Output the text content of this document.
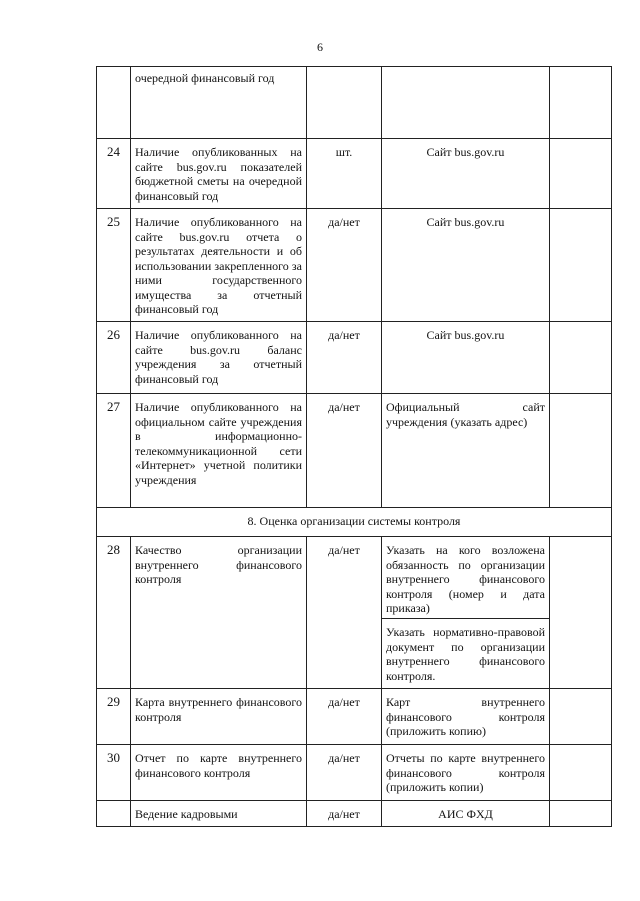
6
	очередной финансовый год			
24	Наличие опубликованных на сайте bus.gov.ru показателей бюджетной сметы на очередной финансовый год	шт.	Сайт bus.gov.ru	
25	Наличие опубликованного на сайте bus.gov.ru отчета о результатах деятельности и об использовании закрепленного за ними государственного имущества за отчетный финансовый год	да/нет	Сайт bus.gov.ru	
26	Наличие опубликованного на сайте bus.gov.ru баланс учреждения за отчетный финансовый год	да/нет	Сайт bus.gov.ru	
27	Наличие опубликованного на официальном сайте учреждения в информационно-телекоммуникационной сети «Интернет» учетной политики учреждения	да/нет	Официальный сайт учреждения (указать адрес)	
8. Оценка организации системы контроля				
28	Качество организации внутреннего финансового контроля	да/нет	Указать на кого возложена обязанность по организации внутреннего финансового контроля (номер и дата приказа)	
			Указать нормативно-правовой документ по организации внутреннего финансового контроля.	
29	Карта внутреннего финансового контроля	да/нет	Карт внутреннего финансового контроля (приложить копию)	
30	Отчет по карте внутреннего финансового контроля	да/нет	Отчеты по карте внутреннего финансового контроля (приложить копии)	
	Ведение кадровыми	да/нет	АИС ФХД	
